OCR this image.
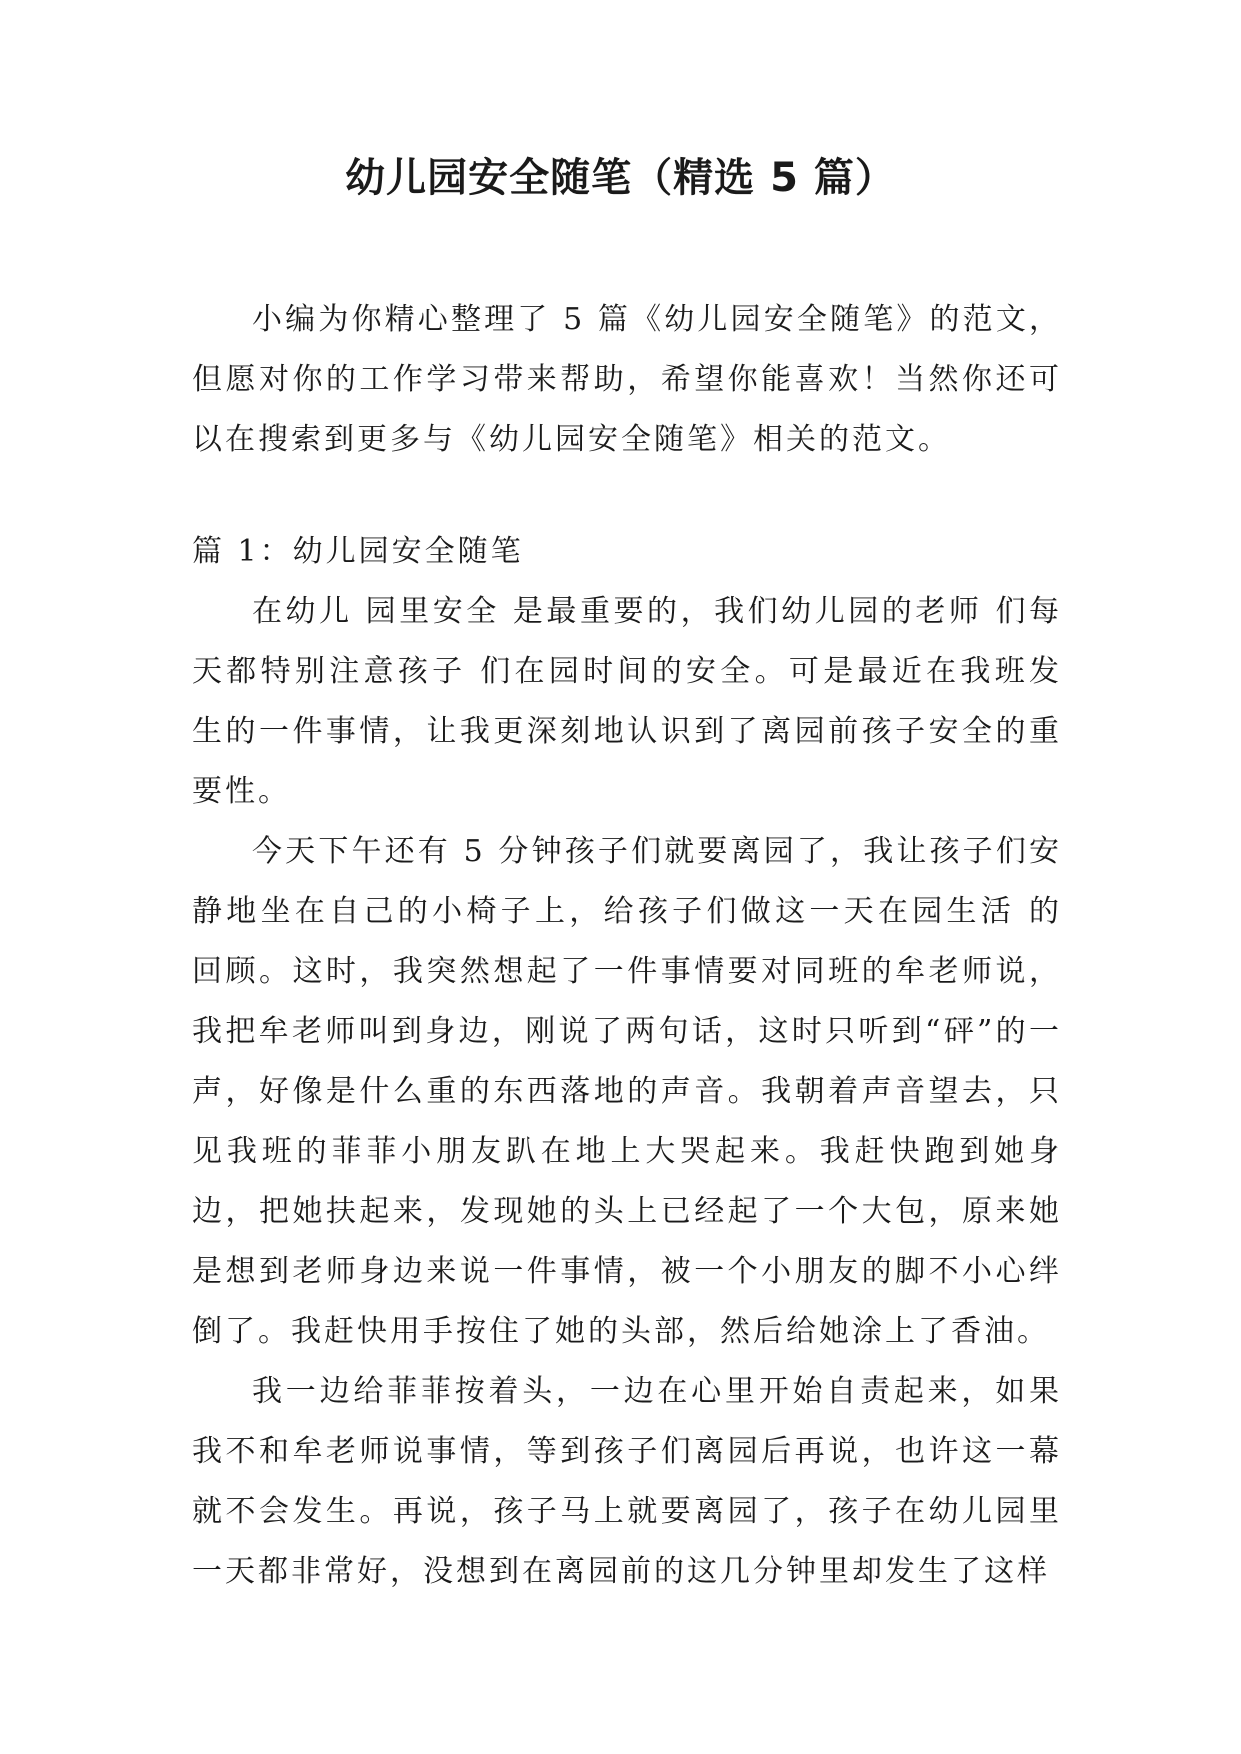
幼儿园安全随笔（精选 5 篇）

小编为你精心整理了 5 篇《幼儿园安全随笔》的范文，但愿对你的工作学习带来帮助，希望你能喜欢！当然你还可以在搜索到更多与《幼儿园安全随笔》相关的范文。

篇 1：幼儿园安全随笔

在幼儿 园里安全 是最重要的，我们幼儿园的老师 们每天都特别注意孩子 们在园时间的安全。可是最近在我班发生的一件事情，让我更深刻地认识到了离园前孩子安全的重要性。

今天下午还有 5 分钟孩子们就要离园了，我让孩子们安静地坐在自己的小椅子上，给孩子们做这一天在园生活 的回顾。这时，我突然想起了一件事情要对同班的牟老师说，我把牟老师叫到身边，刚说了两句话，这时只听到“砰”的一声，好像是什么重的东西落地的声音。我朝着声音望去，只见我班的菲菲小朋友趴在地上大哭起来。我赶快跑到她身边，把她扶起来，发现她的头上已经起了一个大包，原来她是想到老师身边来说一件事情，被一个小朋友的脚不小心绊倒了。我赶快用手按住了她的头部，然后给她涂上了香油。

我一边给菲菲按着头，一边在心里开始自责起来，如果我不和牟老师说事情，等到孩子们离园后再说，也许这一幕就不会发生。再说，孩子马上就要离园了，孩子在幼儿园里一天都非常好，没想到在离园前的这几分钟里却发生了这样
